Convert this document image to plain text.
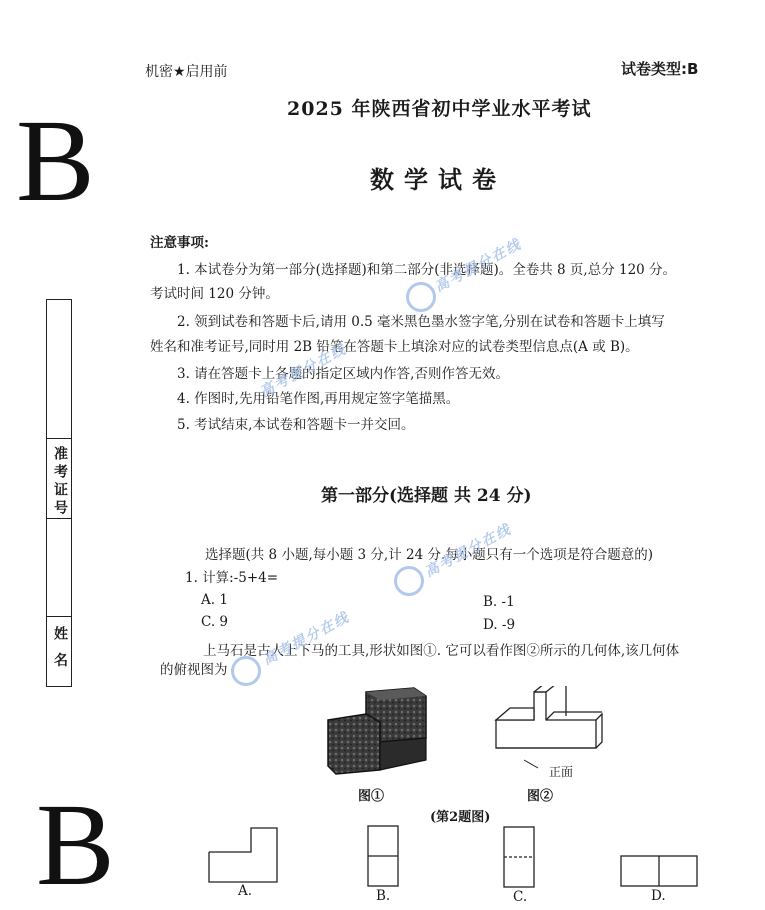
机密★启用前	试卷类型:B
B
B
2025 年陕西省初中学业水平考试
数学试卷
准考证号
姓 名
注意事项:
1. 本试卷分为第一部分(选择题)和第二部分(非选择题)。全卷共 8 页,总分 120 分。
考试时间 120 分钟。
2. 领到试卷和答题卡后,请用 0.5 毫米黑色墨水签字笔,分别在试卷和答题卡上填写
姓名和准考证号,同时用 2B 铅笔在答题卡上填涂对应的试卷类型信息点(A 或 B)。
3. 请在答题卡上各题的指定区域内作答,否则作答无效。
4. 作图时,先用铅笔作图,再用规定签字笔描黑。
5. 考试结束,本试卷和答题卡一并交回。
第一部分(选择题 共 24 分)
选择题(共 8 小题,每小题 3 分,计 24 分.每小题只有一个选项是符合题意的)
1. 计算:-5+4=
A. 1	B. -1
C. 9	D. -9
上马石是古人上下马的工具,形状如图①. 它可以看作图②所示的几何体,该几何体
的俯视图为
正面
图①	图②
(第2题图)
A.	B.	C.	D.
高考提分在线
高考提分在线
高考提分在线
高考提分在线
